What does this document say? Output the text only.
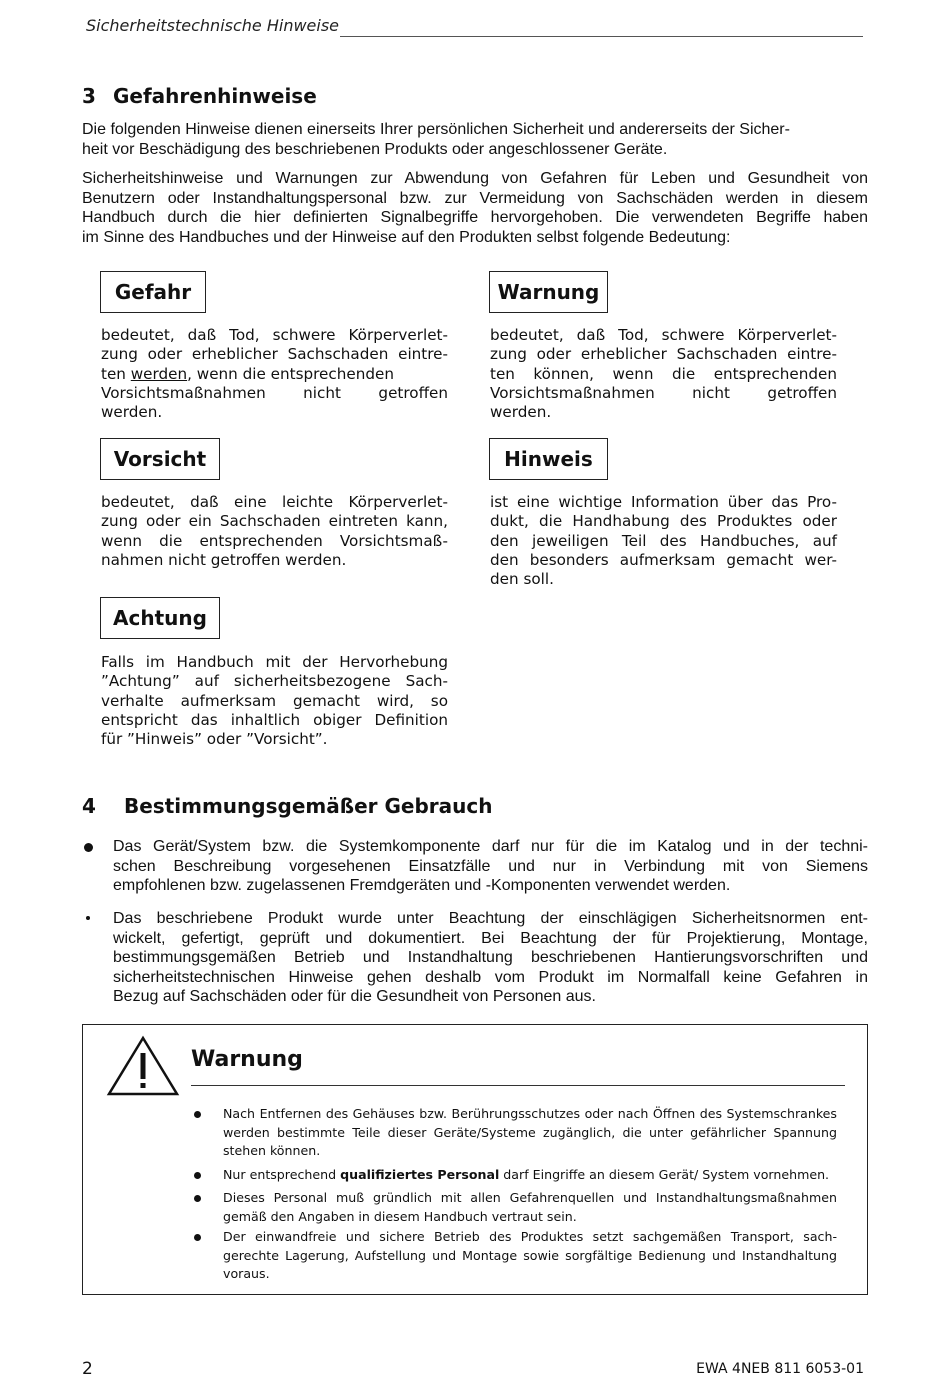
Sicherheitstechnische Hinweise
3 Gefahrenhinweise
Die folgenden Hinweise dienen einerseits Ihrer persönlichen Sicherheit und andererseits der Sicher-
heit vor Beschädigung des beschriebenen Produkts oder angeschlossener Geräte.
Sicherheitshinweise und Warnungen zur Abwendung von Gefahren für Leben und Gesundheit von
Benutzern oder Instandhaltungspersonal bzw. zur Vermeidung von Sachschäden werden in diesem
Handbuch durch die hier definierten Signalbegriffe hervorgehoben. Die verwendeten Begriffe haben
im Sinne des Handbuches und der Hinweise auf den Produkten selbst folgende Bedeutung:
Gefahr
bedeutet, daß Tod, schwere Körperverlet-
zung oder erheblicher Sachschaden eintre-
ten werden, wenn die entsprechenden
Vorsichtsmaßnahmen nicht getroffen
werden.
Warnung
bedeutet, daß Tod, schwere Körperverlet-
zung oder erheblicher Sachschaden eintre-
ten können, wenn die entsprechenden
Vorsichtsmaßnahmen nicht getroffen
werden.
Vorsicht
bedeutet, daß eine leichte Körperverlet-
zung oder ein Sachschaden eintreten kann,
wenn die entsprechenden Vorsichtsmaß-
nahmen nicht getroffen werden.
Hinweis
ist eine wichtige Information über das Pro-
dukt, die Handhabung des Produktes oder
den jeweiligen Teil des Handbuches, auf
den besonders aufmerksam gemacht wer-
den soll.
Achtung
Falls im Handbuch mit der Hervorhebung
”Achtung” auf sicherheitsbezogene Sach-
verhalte aufmerksam gemacht wird, so
entspricht das inhaltlich obiger Definition
für ”Hinweis” oder ”Vorsicht”.
4 Bestimmungsgemäßer Gebrauch
Das Gerät/System bzw. die Systemkomponente darf nur für die im Katalog und in der techni-
schen Beschreibung vorgesehenen Einsatzfälle und nur in Verbindung mit von Siemens
empfohlenen bzw. zugelassenen Fremdgeräten und -Komponenten verwendet werden.
Das beschriebene Produkt wurde unter Beachtung der einschlägigen Sicherheitsnormen ent-
wickelt, gefertigt, geprüft und dokumentiert. Bei Beachtung der für Projektierung, Montage,
bestimmungsgemäßen Betrieb und Instandhaltung beschriebenen Hantierungsvorschriften und
sicherheitstechnischen Hinweise gehen deshalb vom Produkt im Normalfall keine Gefahren in
Bezug auf Sachschäden oder für die Gesundheit von Personen aus.
Warnung
Nach Entfernen des Gehäuses bzw. Berührungsschutzes oder nach Öffnen des Systemschrankes
werden bestimmte Teile dieser Geräte/Systeme zugänglich, die unter gefährlicher Spannung
stehen können.
Nur entsprechend qualifiziertes Personal darf Eingriffe an diesem Gerät/ System vornehmen.
Dieses Personal muß gründlich mit allen Gefahrenquellen und Instandhaltungsmaßnahmen
gemäß den Angaben in diesem Handbuch vertraut sein.
Der einwandfreie und sichere Betrieb des Produktes setzt sachgemäßen Transport, sach-
gerechte Lagerung, Aufstellung und Montage sowie sorgfältige Bedienung und Instandhaltung
voraus.
2	EWA 4NEB 811 6053-01
